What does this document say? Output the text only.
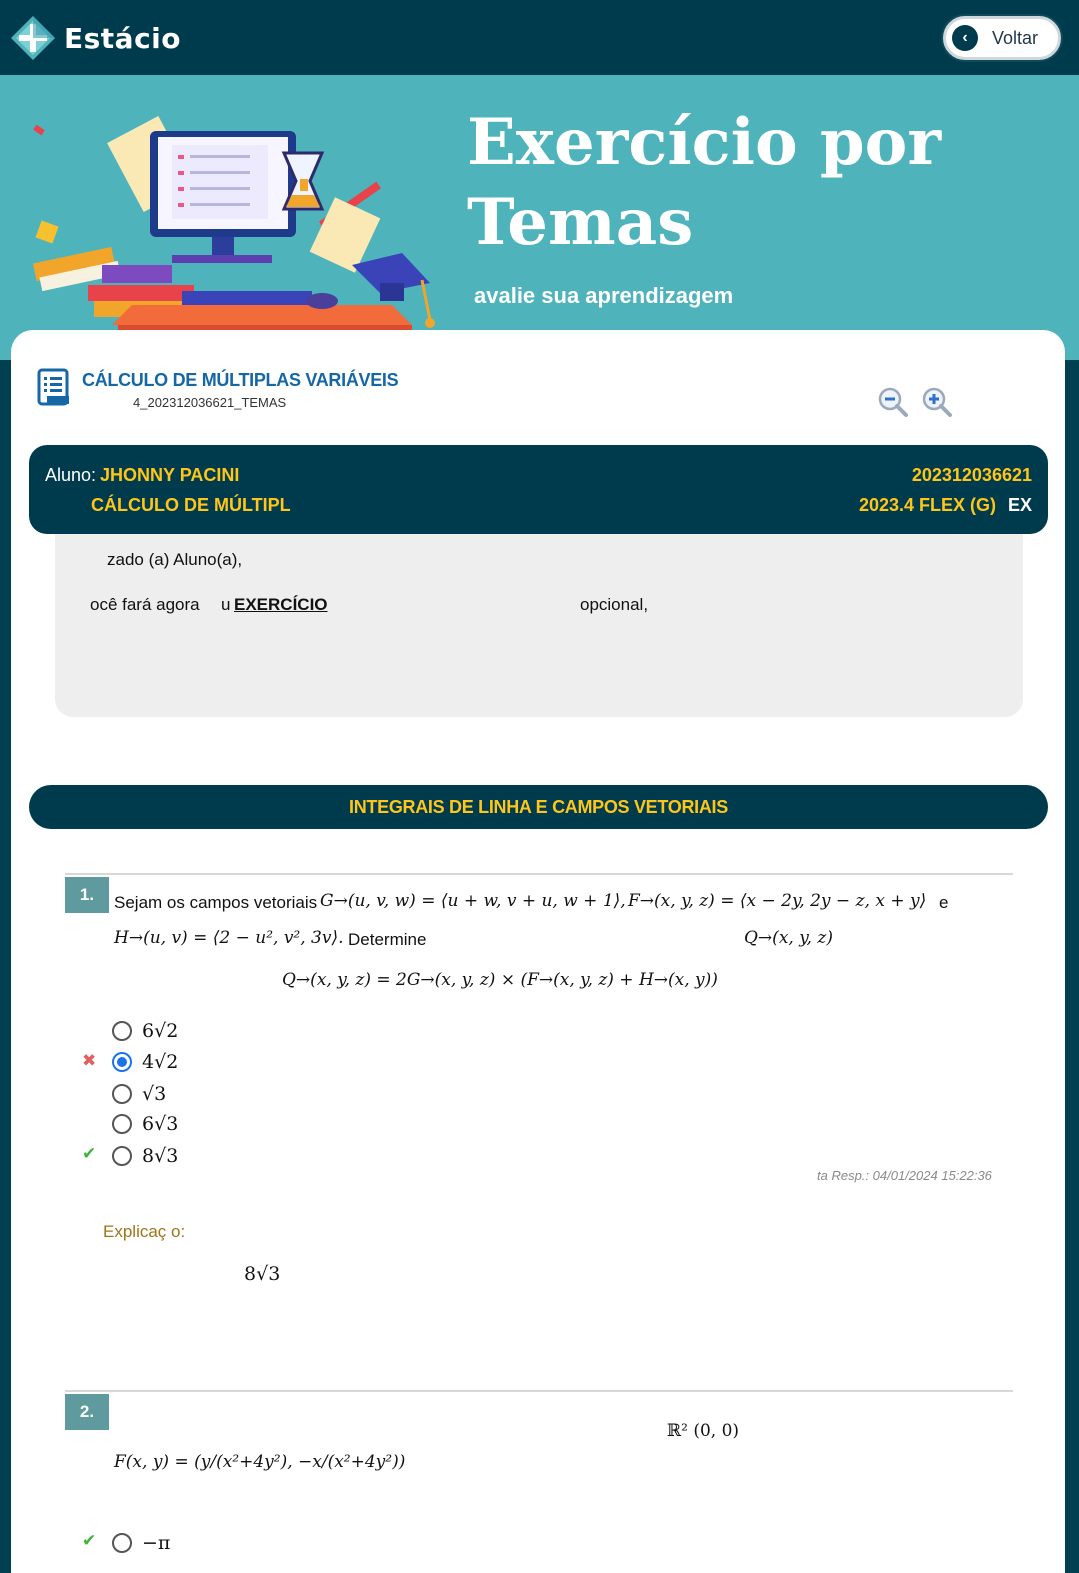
Estácio	‹	Voltar
Exercício por
Temas
avalie sua aprendizagem
CÁLCULO DE MÚLTIPLAS VARIÁVEIS
4_202312036621_TEMAS
Aluno: JHONNY PACINI
CÁLCULO DE MÚLTIPL
202312036621
2023.4 FLEX (G) EX
zado (a) Aluno(a),
ocê fará agora u EXERCÍCIO	opcional,
INTEGRAIS DE LINHA E CAMPOS VETORIAIS
1.	Sejam os campos vetoriais G→(u, v, w) = ⟨u + w, v + u, w + 1⟩, F→(x, y, z) = ⟨x − 2y, 2y − z, x + y⟩ e
H→(u, v) = ⟨2 − u², v², 3v⟩. Determine	Q→(x, y, z)
Q→(x, y, z) = 2G→(x, y, z) × (F→(x, y, z) + H→(x, y))
6√2
✖ 4√2
√3
6√3
✔ 8√3
ta Resp.: 04/01/2024 15:22:36
Explicaç o:
8√3
2.
ℝ² (0, 0)
F(x, y) = (y/(x²+4y²), −x/(x²+4y²))
✔ −π
